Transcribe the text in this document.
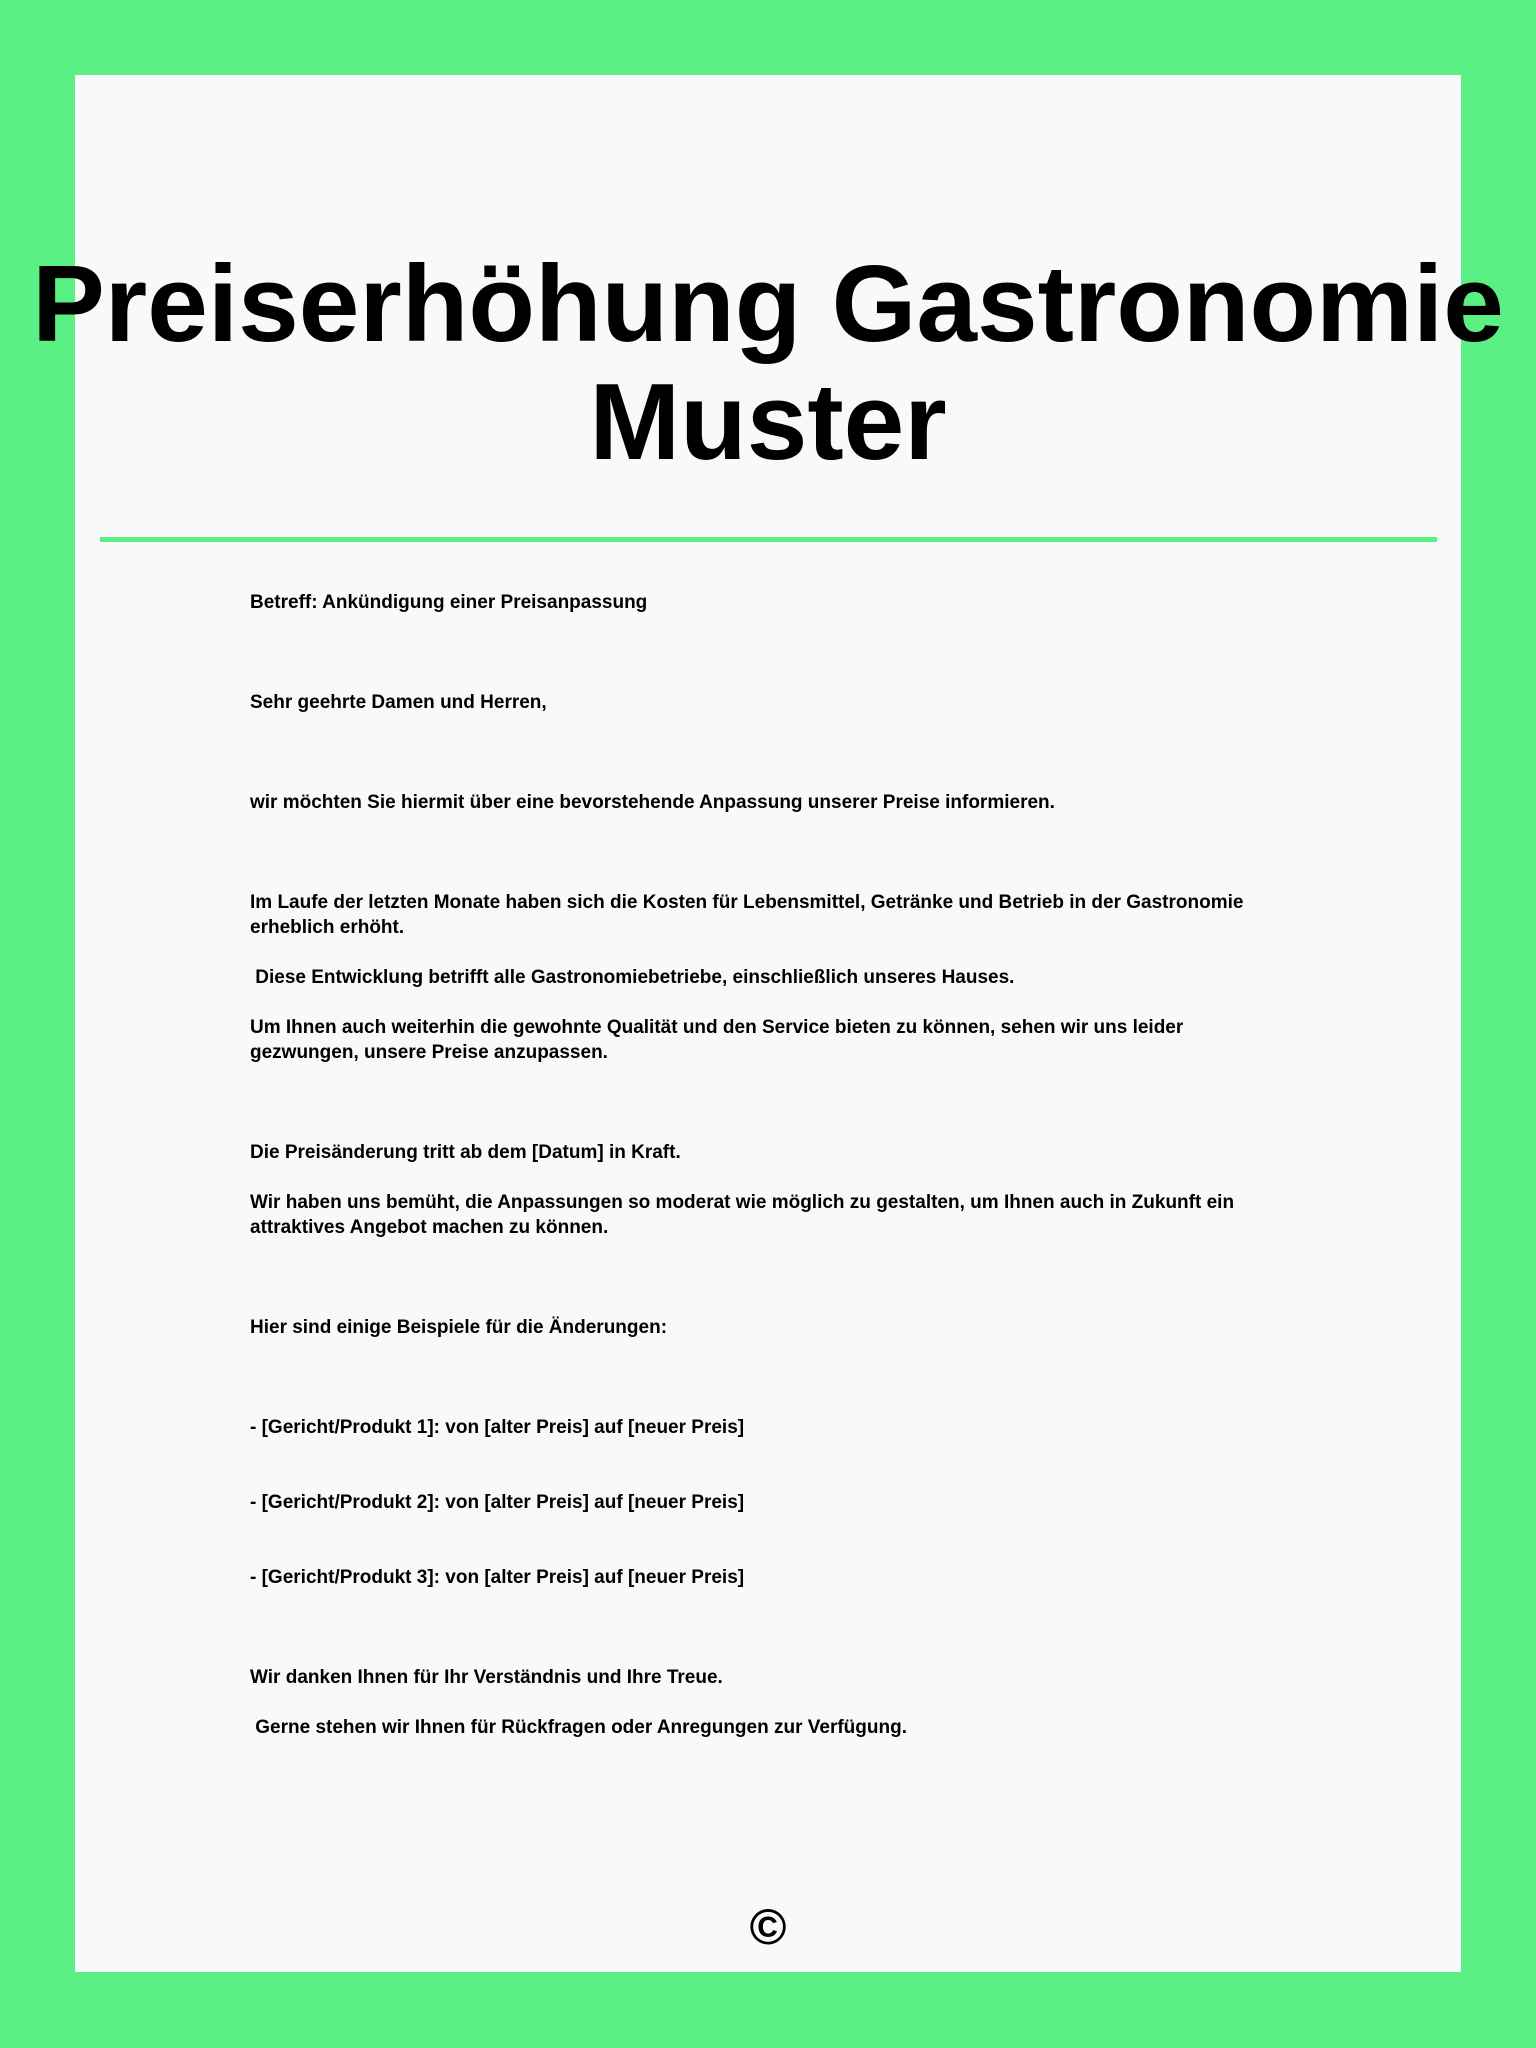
Preiserhöhung Gastronomie Muster

Betreff: Ankündigung einer Preisanpassung

Sehr geehrte Damen und Herren,

wir möchten Sie hiermit über eine bevorstehende Anpassung unserer Preise informieren.

Im Laufe der letzten Monate haben sich die Kosten für Lebensmittel, Getränke und Betrieb in der Gastronomie erheblich erhöht.

Diese Entwicklung betrifft alle Gastronomiebetriebe, einschließlich unseres Hauses.

Um Ihnen auch weiterhin die gewohnte Qualität und den Service bieten zu können, sehen wir uns leider gezwungen, unsere Preise anzupassen.

Die Preisänderung tritt ab dem [Datum] in Kraft.

Wir haben uns bemüht, die Anpassungen so moderat wie möglich zu gestalten, um Ihnen auch in Zukunft ein attraktives Angebot machen zu können.

Hier sind einige Beispiele für die Änderungen:

- [Gericht/Produkt 1]: von [alter Preis] auf [neuer Preis]

- [Gericht/Produkt 2]: von [alter Preis] auf [neuer Preis]

- [Gericht/Produkt 3]: von [alter Preis] auf [neuer Preis]

Wir danken Ihnen für Ihr Verständnis und Ihre Treue.

Gerne stehen wir Ihnen für Rückfragen oder Anregungen zur Verfügung.

©
